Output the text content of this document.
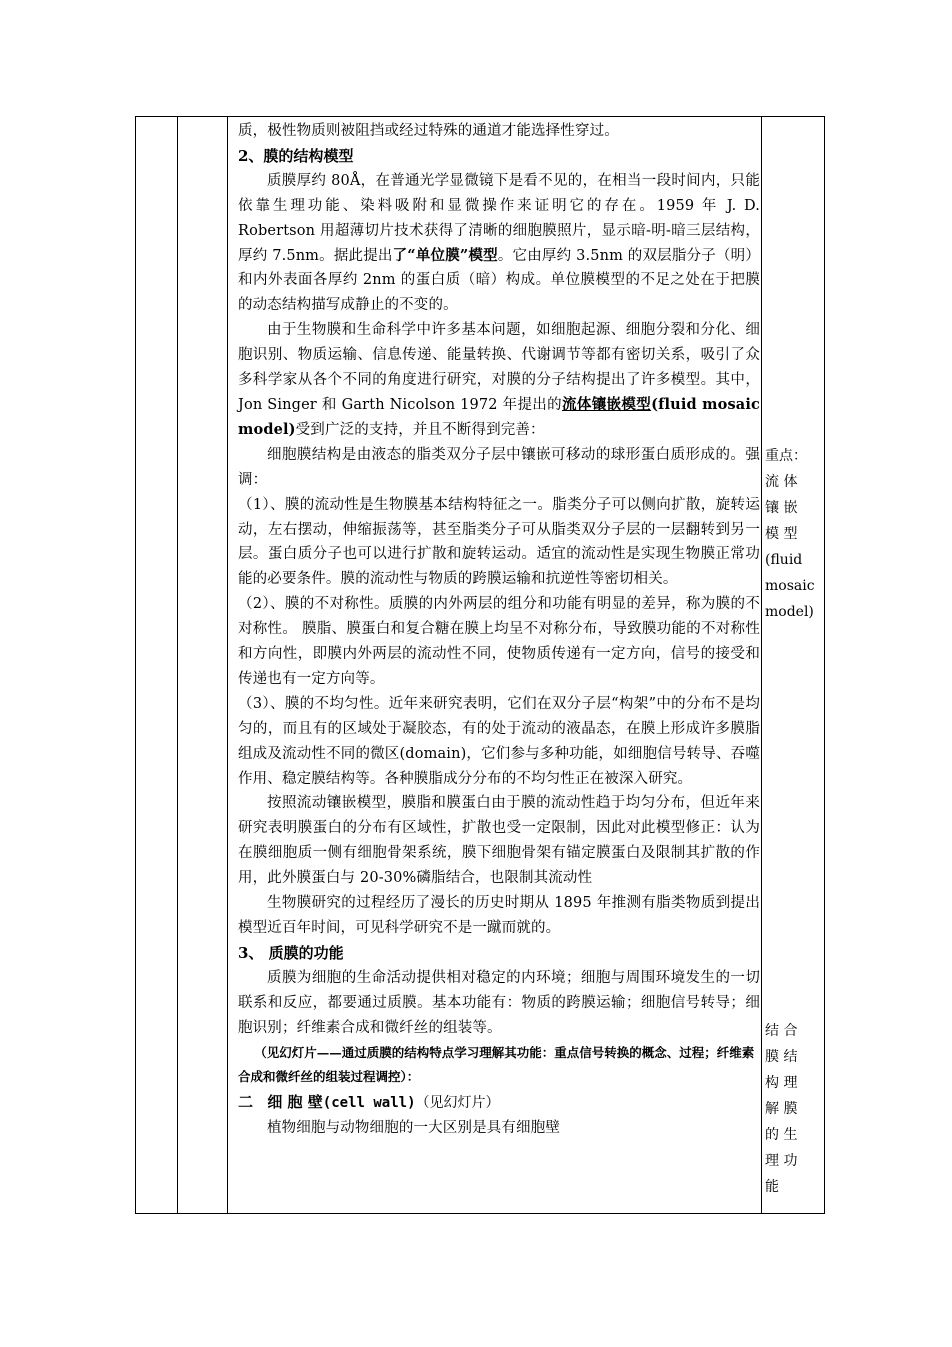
质，极性物质则被阻挡或经过特殊的通道才能选择性穿过。

2、膜的结构模型

质膜厚约 80Å，在普通光学显微镜下是看不见的，在相当一段时间内，只能依靠生理功能、染料吸附和显微操作来证明它的存在。1959 年 J. D. Robertson 用超薄切片技术获得了清晰的细胞膜照片，显示暗-明-暗三层结构，厚约 7.5nm。据此提出了“单位膜”模型。它由厚约 3.5nm 的双层脂分子（明）和内外表面各厚约 2nm 的蛋白质（暗）构成。单位膜模型的不足之处在于把膜的动态结构描写成静止的不变的。

由于生物膜和生命科学中许多基本问题，如细胞起源、细胞分裂和分化、细胞识别、物质运输、信息传递、能量转换、代谢调节等都有密切关系，吸引了众多科学家从各个不同的角度进行研究，对膜的分子结构提出了许多模型。其中，Jon Singer 和 Garth Nicolson 1972 年提出的流体镶嵌模型(fluid mosaic model)受到广泛的支持，并且不断得到完善：

细胞膜结构是由液态的脂类双分子层中镶嵌可移动的球形蛋白质形成的。强调：

（1）、膜的流动性是生物膜基本结构特征之一。脂类分子可以侧向扩散，旋转运动，左右摆动，伸缩振荡等，甚至脂类分子可从脂类双分子层的一层翻转到另一层。蛋白质分子也可以进行扩散和旋转运动。适宜的流动性是实现生物膜正常功能的必要条件。膜的流动性与物质的跨膜运输和抗逆性等密切相关。

（2）、膜的不对称性。质膜的内外两层的组分和功能有明显的差异，称为膜的不对称性。 膜脂、膜蛋白和复合糖在膜上均呈不对称分布，导致膜功能的不对称性和方向性，即膜内外两层的流动性不同，使物质传递有一定方向，信号的接受和传递也有一定方向等。

（3）、膜的不均匀性。近年来研究表明，它们在双分子层“构架”中的分布不是均匀的，而且有的区域处于凝胶态，有的处于流动的液晶态，在膜上形成许多膜脂组成及流动性不同的微区(domain)，它们参与多种功能，如细胞信号转导、吞噬作用、稳定膜结构等。各种膜脂成分分布的不均匀性正在被深入研究。

按照流动镶嵌模型，膜脂和膜蛋白由于膜的流动性趋于均匀分布，但近年来研究表明膜蛋白的分布有区域性，扩散也受一定限制，因此对此模型修正：认为在膜细胞质一侧有细胞骨架系统，膜下细胞骨架有锚定膜蛋白及限制其扩散的作用，此外膜蛋白与 20-30%磷脂结合，也限制其流动性

生物膜研究的过程经历了漫长的历史时期从 1895 年推测有脂类物质到提出模型近百年时间，可见科学研究不是一蹴而就的。

3、 质膜的功能

质膜为细胞的生命活动提供相对稳定的内环境；细胞与周围环境发生的一切联系和反应，都要通过质膜。基本功能有：物质的跨膜运输；细胞信号转导；细胞识别；纤维素合成和微纤丝的组装等。

（见幻灯片——通过质膜的结构特点学习理解其功能：重点信号转换的概念、过程；纤维素合成和微纤丝的组装过程调控）：

二 细 胞 壁(cell wall)（见幻灯片）

植物细胞与动物细胞的一大区别是具有细胞壁

重点：
流 体
镶 嵌
模 型
(fluid
mosaic
model)
结 合
膜 结
构 理
解 膜
的 生
理 功
能
